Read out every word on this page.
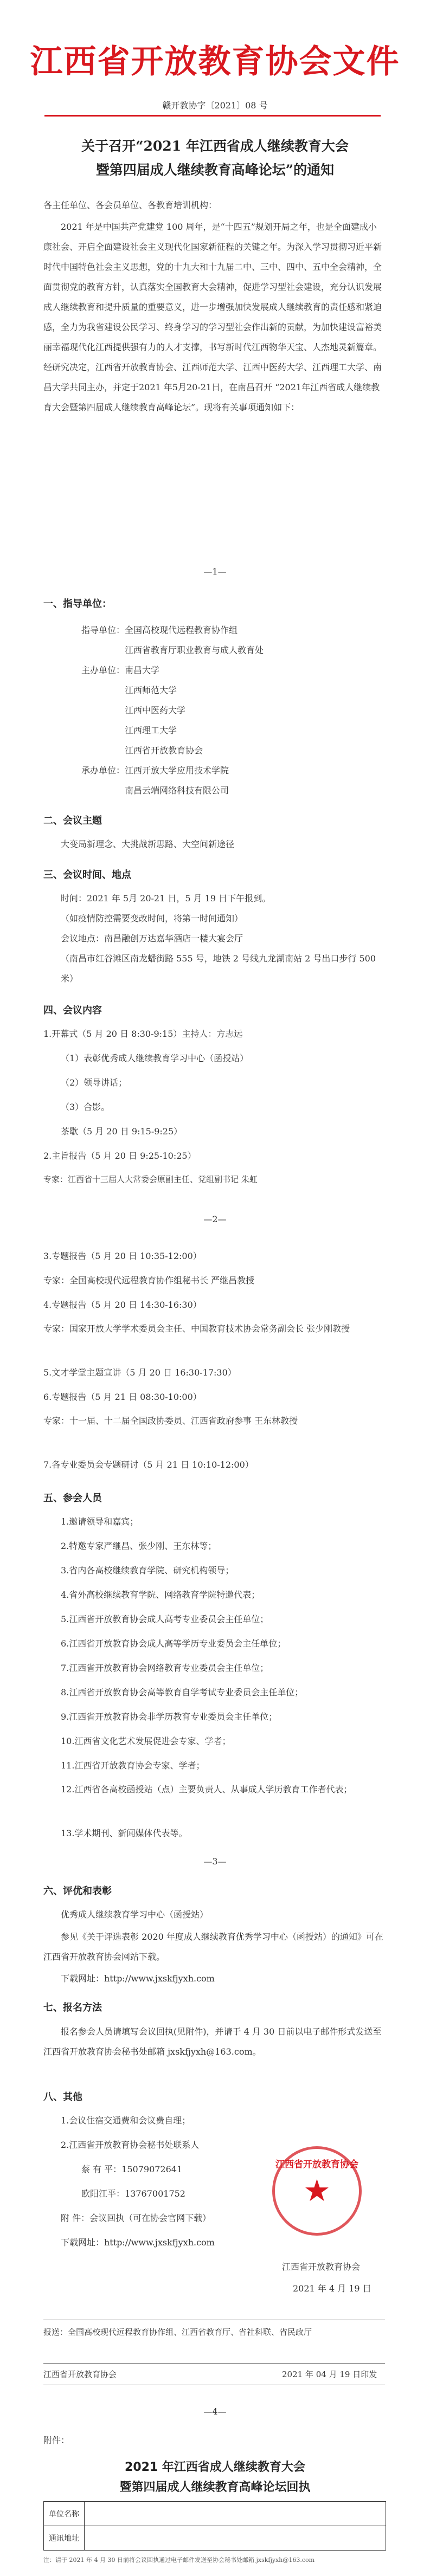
江西省开放教育协会文件
赣开教协字〔2021〕08 号
关于召开“2021 年江西省成人继续教育大会
暨第四届成人继续教育高峰论坛”的通知
各主任单位、各会员单位、各教育培训机构：
2021 年是中国共产党建党 100 周年，是“十四五”规划开局之年，也是全面建成小康社会、开启全面建设社会主义现代化国家新征程的关键之年。为深入学习贯彻习近平新时代中国特色社会主义思想，党的十九大和十九届二中、三中、四中、五中全会精神，全面贯彻党的教育方针，认真落实全国教育大会精神，促进学习型社会建设，充分认识发展成人继续教育和提升质量的重要意义，进一步增强加快发展成人继续教育的责任感和紧迫感，全力为我省建设公民学习、终身学习的学习型社会作出新的贡献，为加快建设富裕美丽幸福现代化江西提供强有力的人才支撑，书写新时代江西物华天宝、人杰地灵新篇章。经研究决定，江西省开放教育协会、江西师范大学、江西中医药大学、江西理工大学、南昌大学共同主办，并定于2021 年5月20-21日，在南昌召开 “2021年江西省成人继续教育大会暨第四届成人继续教育高峰论坛”。现将有关事项通知如下：
—1—
一、指导单位：
指导单位：全国高校现代远程教育协作组
江西省教育厅职业教育与成人教育处
主办单位：南昌大学
江西师范大学
江西中医药大学
江西理工大学
江西省开放教育协会
承办单位：江西开放大学应用技术学院
南昌云端网络科技有限公司
二、会议主题
大变局新理念、大挑战新思路、大空间新途径
三、会议时间、地点
时间：2021 年 5月 20-21 日，5 月 19 日下午报到。
（如疫情防控需要变改时间，将第一时间通知）
会议地点：南昌融创万达嘉华酒店一楼大宴会厅
（南昌市红谷滩区南龙蟠街路 555 号，地铁 2 号线九龙湖南站 2 号出口步行 500 米）
四、会议内容
1.开幕式（5 月 20 日 8:30-9:15）主持人：方志远
（1）表彰优秀成人继续教育学习中心（函授站）
（2）领导讲话；
（3）合影。
茶歇（5 月 20 日 9:15-9:25）
2.主旨报告（5 月 20 日 9:25-10:25）
专家：江西省十三届人大常委会原副主任、党组副书记 朱虹
—2—
3.专题报告（5 月 20 日 10:35-12:00）
专家：全国高校现代远程教育协作组秘书长 严继昌教授
4.专题报告（5 月 20 日 14:30-16:30）
专家：国家开放大学学术委员会主任、中国教育技术协会常务副会长 张少刚教授
5.文才学堂主题宣讲（5 月 20 日 16:30-17:30）
6.专题报告（5 月 21 日 08:30-10:00）
专家：十一届、十二届全国政协委员、江西省政府参事 王东林教授
7.各专业委员会专题研讨（5 月 21 日 10:10-12:00）
五、参会人员
1.邀请领导和嘉宾；
2.特邀专家严继昌、张少刚、王东林等；
3.省内各高校继续教育学院、研究机构领导；
4.省外高校继续教育学院、网络教育学院特邀代表；
5.江西省开放教育协会成人高考专业委员会主任单位；
6.江西省开放教育协会成人高等学历专业委员会主任单位；
7.江西省开放教育协会网络教育专业委员会主任单位；
8.江西省开放教育协会高等教育自学考试专业委员会主任单位；
9.江西省开放教育协会非学历教育专业委员会主任单位；
10.江西省文化艺术发展促进会专家、学者；
11.江西省开放教育协会专家、学者；
12.江西省各高校函授站（点）主要负责人、从事成人学历教育工作者代表；
13.学术期刊、新闻媒体代表等。
—3—
六、评优和表彰
优秀成人继续教育学习中心（函授站）
参见《关于评选表彰 2020 年度成人继续教育优秀学习中心（函授站）的通知》可在江西省开放教育协会网站下载。
下载网址：http://www.jxskfjyxh.com
七、报名方法
报名参会人员请填写会议回执(见附件)，并请于 4 月 30 日前以电子邮件形式发送至江西省开放教育协会秘书处邮箱 jxskfjyxh@163.com。
八、其他
1.会议住宿交通费和会议费自理；
2.江西省开放教育协会秘书处联系人
蔡 有 平：15079072641
欧阳江平：13767001752
附 件：会议回执（可在协会官网下载）
下载网址：http://www.jxskfjyxh.com
江西省开放教育协会
★
江西省开放教育协会
2021 年 4 月 19 日
报送：全国高校现代远程教育协作组、江西省教育厅、省社科联、省民政厅
江西省开放教育协会	2021 年 04 月 19 日印发
—4—
附件：
2021 年江西省成人继续教育大会
暨第四届成人继续教育高峰论坛回执
单位名称	
通讯地址	
注：请于 2021 年 4 月 30 日前将会议回执通过电子邮件发送至协会秘书处邮箱 jxskfjyxh@163.com
